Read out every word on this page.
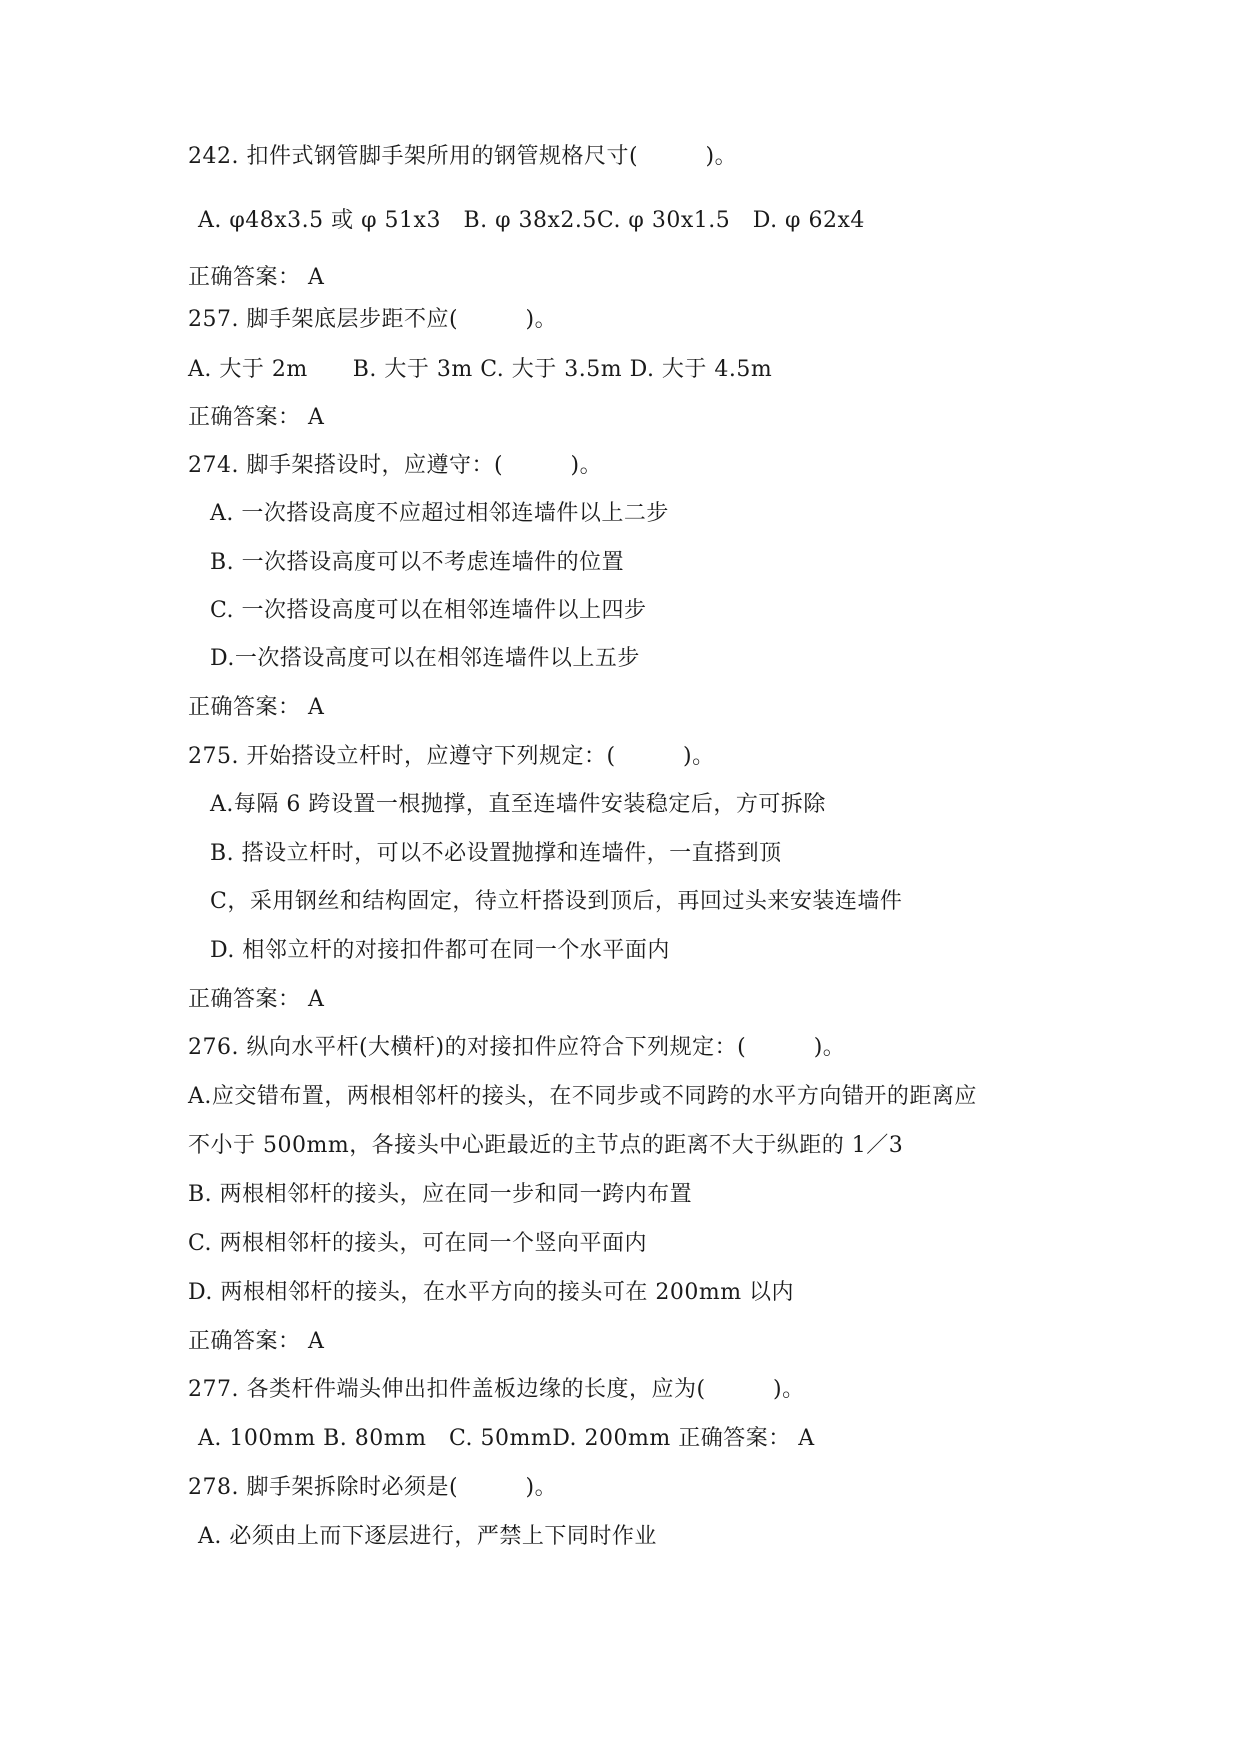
242. 扣件式钢管脚手架所用的钢管规格尺寸(　　　)。
A. φ48x3.5 或 φ 51x3　B. φ 38x2.5C. φ 30x1.5　D. φ 62x4
正确答案： A
257. 脚手架底层步距不应(　　　)。
A. 大于 2m　　B. 大于 3m C. 大于 3.5m D. 大于 4.5m
正确答案： A
274. 脚手架搭设时，应遵守：(　　　)。
A. 一次搭设高度不应超过相邻连墙件以上二步
B. 一次搭设高度可以不考虑连墙件的位置
C. 一次搭设高度可以在相邻连墙件以上四步
D.一次搭设高度可以在相邻连墙件以上五步
正确答案： A
275. 开始搭设立杆时，应遵守下列规定：(　　　)。
A.每隔 6 跨设置一根抛撑，直至连墙件安装稳定后，方可拆除
B. 搭设立杆时，可以不必设置抛撑和连墙件，一直搭到顶
C，采用钢丝和结构固定，待立杆搭设到顶后，再回过头来安装连墙件
D. 相邻立杆的对接扣件都可在同一个水平面内
正确答案： A
276. 纵向水平杆(大横杆)的对接扣件应符合下列规定：(　　　)。
A.应交错布置，两根相邻杆的接头，在不同步或不同跨的水平方向错开的距离应
不小于 500mm，各接头中心距最近的主节点的距离不大于纵距的 1／3
B. 两根相邻杆的接头，应在同一步和同一跨内布置
C. 两根相邻杆的接头，可在同一个竖向平面内
D. 两根相邻杆的接头，在水平方向的接头可在 200mm 以内
正确答案： A
277. 各类杆件端头伸出扣件盖板边缘的长度，应为(　　　)。
A. 100mm B. 80mm　C. 50mmD. 200mm 正确答案： A
278. 脚手架拆除时必须是(　　　)。
A. 必须由上而下逐层进行，严禁上下同时作业
